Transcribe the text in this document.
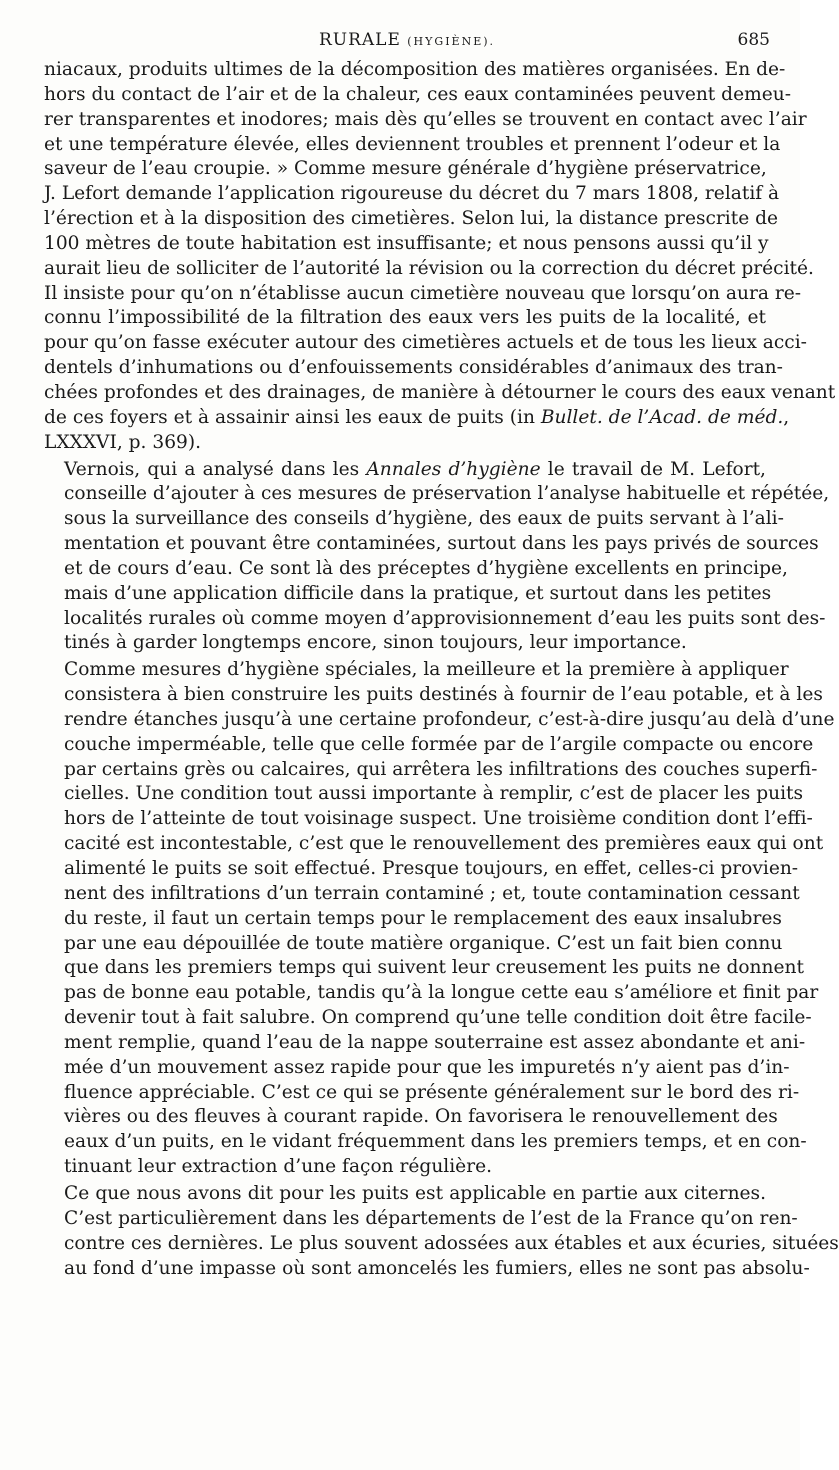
RURALE (HYGIÈNE).	685

niacaux, produits ultimes de la décomposition des matières organisées. En de-
hors du contact de l’air et de la chaleur, ces eaux contaminées peuvent demeu-
rer transparentes et inodores; mais dès qu’elles se trouvent en contact avec l’air
et une température élevée, elles deviennent troubles et prennent l’odeur et la
saveur de l’eau croupie. » Comme mesure générale d’hygiène préservatrice,
J. Lefort demande l’application rigoureuse du décret du 7 mars 1808, relatif à
l’érection et à la disposition des cimetières. Selon lui, la distance prescrite de
100 mètres de toute habitation est insuffisante; et nous pensons aussi qu’il y
aurait lieu de solliciter de l’autorité la révision ou la correction du décret précité.
Il insiste pour qu’on n’établisse aucun cimetière nouveau que lorsqu’on aura re-
connu l’impossibilité de la filtration des eaux vers les puits de la localité, et
pour qu’on fasse exécuter autour des cimetières actuels et de tous les lieux acci-
dentels d’inhumations ou d’enfouissements considérables d’animaux des tran-
chées profondes et des drainages, de manière à détourner le cours des eaux venant
de ces foyers et à assainir ainsi les eaux de puits (in Bullet. de l’Acad. de méd.,
LXXXVI, p. 369).

Vernois, qui a analysé dans les Annales d’hygiène le travail de M. Lefort,
conseille d’ajouter à ces mesures de préservation l’analyse habituelle et répétée,
sous la surveillance des conseils d’hygiène, des eaux de puits servant à l’ali-
mentation et pouvant être contaminées, surtout dans les pays privés de sources
et de cours d’eau. Ce sont là des préceptes d’hygiène excellents en principe,
mais d’une application difficile dans la pratique, et surtout dans les petites
localités rurales où comme moyen d’approvisionnement d’eau les puits sont des-
tinés à garder longtemps encore, sinon toujours, leur importance.

Comme mesures d’hygiène spéciales, la meilleure et la première à appliquer
consistera à bien construire les puits destinés à fournir de l’eau potable, et à les
rendre étanches jusqu’à une certaine profondeur, c’est-à-dire jusqu’au delà d’une
couche imperméable, telle que celle formée par de l’argile compacte ou encore
par certains grès ou calcaires, qui arrêtera les infiltrations des couches superfi-
cielles. Une condition tout aussi importante à remplir, c’est de placer les puits
hors de l’atteinte de tout voisinage suspect. Une troisième condition dont l’effi-
cacité est incontestable, c’est que le renouvellement des premières eaux qui ont
alimenté le puits se soit effectué. Presque toujours, en effet, celles-ci provien-
nent des infiltrations d’un terrain contaminé ; et, toute contamination cessant
du reste, il faut un certain temps pour le remplacement des eaux insalubres
par une eau dépouillée de toute matière organique. C’est un fait bien connu
que dans les premiers temps qui suivent leur creusement les puits ne donnent
pas de bonne eau potable, tandis qu’à la longue cette eau s’améliore et finit par
devenir tout à fait salubre. On comprend qu’une telle condition doit être facile-
ment remplie, quand l’eau de la nappe souterraine est assez abondante et ani-
mée d’un mouvement assez rapide pour que les impuretés n’y aient pas d’in-
fluence appréciable. C’est ce qui se présente généralement sur le bord des ri-
vières ou des fleuves à courant rapide. On favorisera le renouvellement des
eaux d’un puits, en le vidant fréquemment dans les premiers temps, et en con-
tinuant leur extraction d’une façon régulière.

Ce que nous avons dit pour les puits est applicable en partie aux citernes.
C’est particulièrement dans les départements de l’est de la France qu’on ren-
contre ces dernières. Le plus souvent adossées aux étables et aux écuries, situées
au fond d’une impasse où sont amoncelés les fumiers, elles ne sont pas absolu-
